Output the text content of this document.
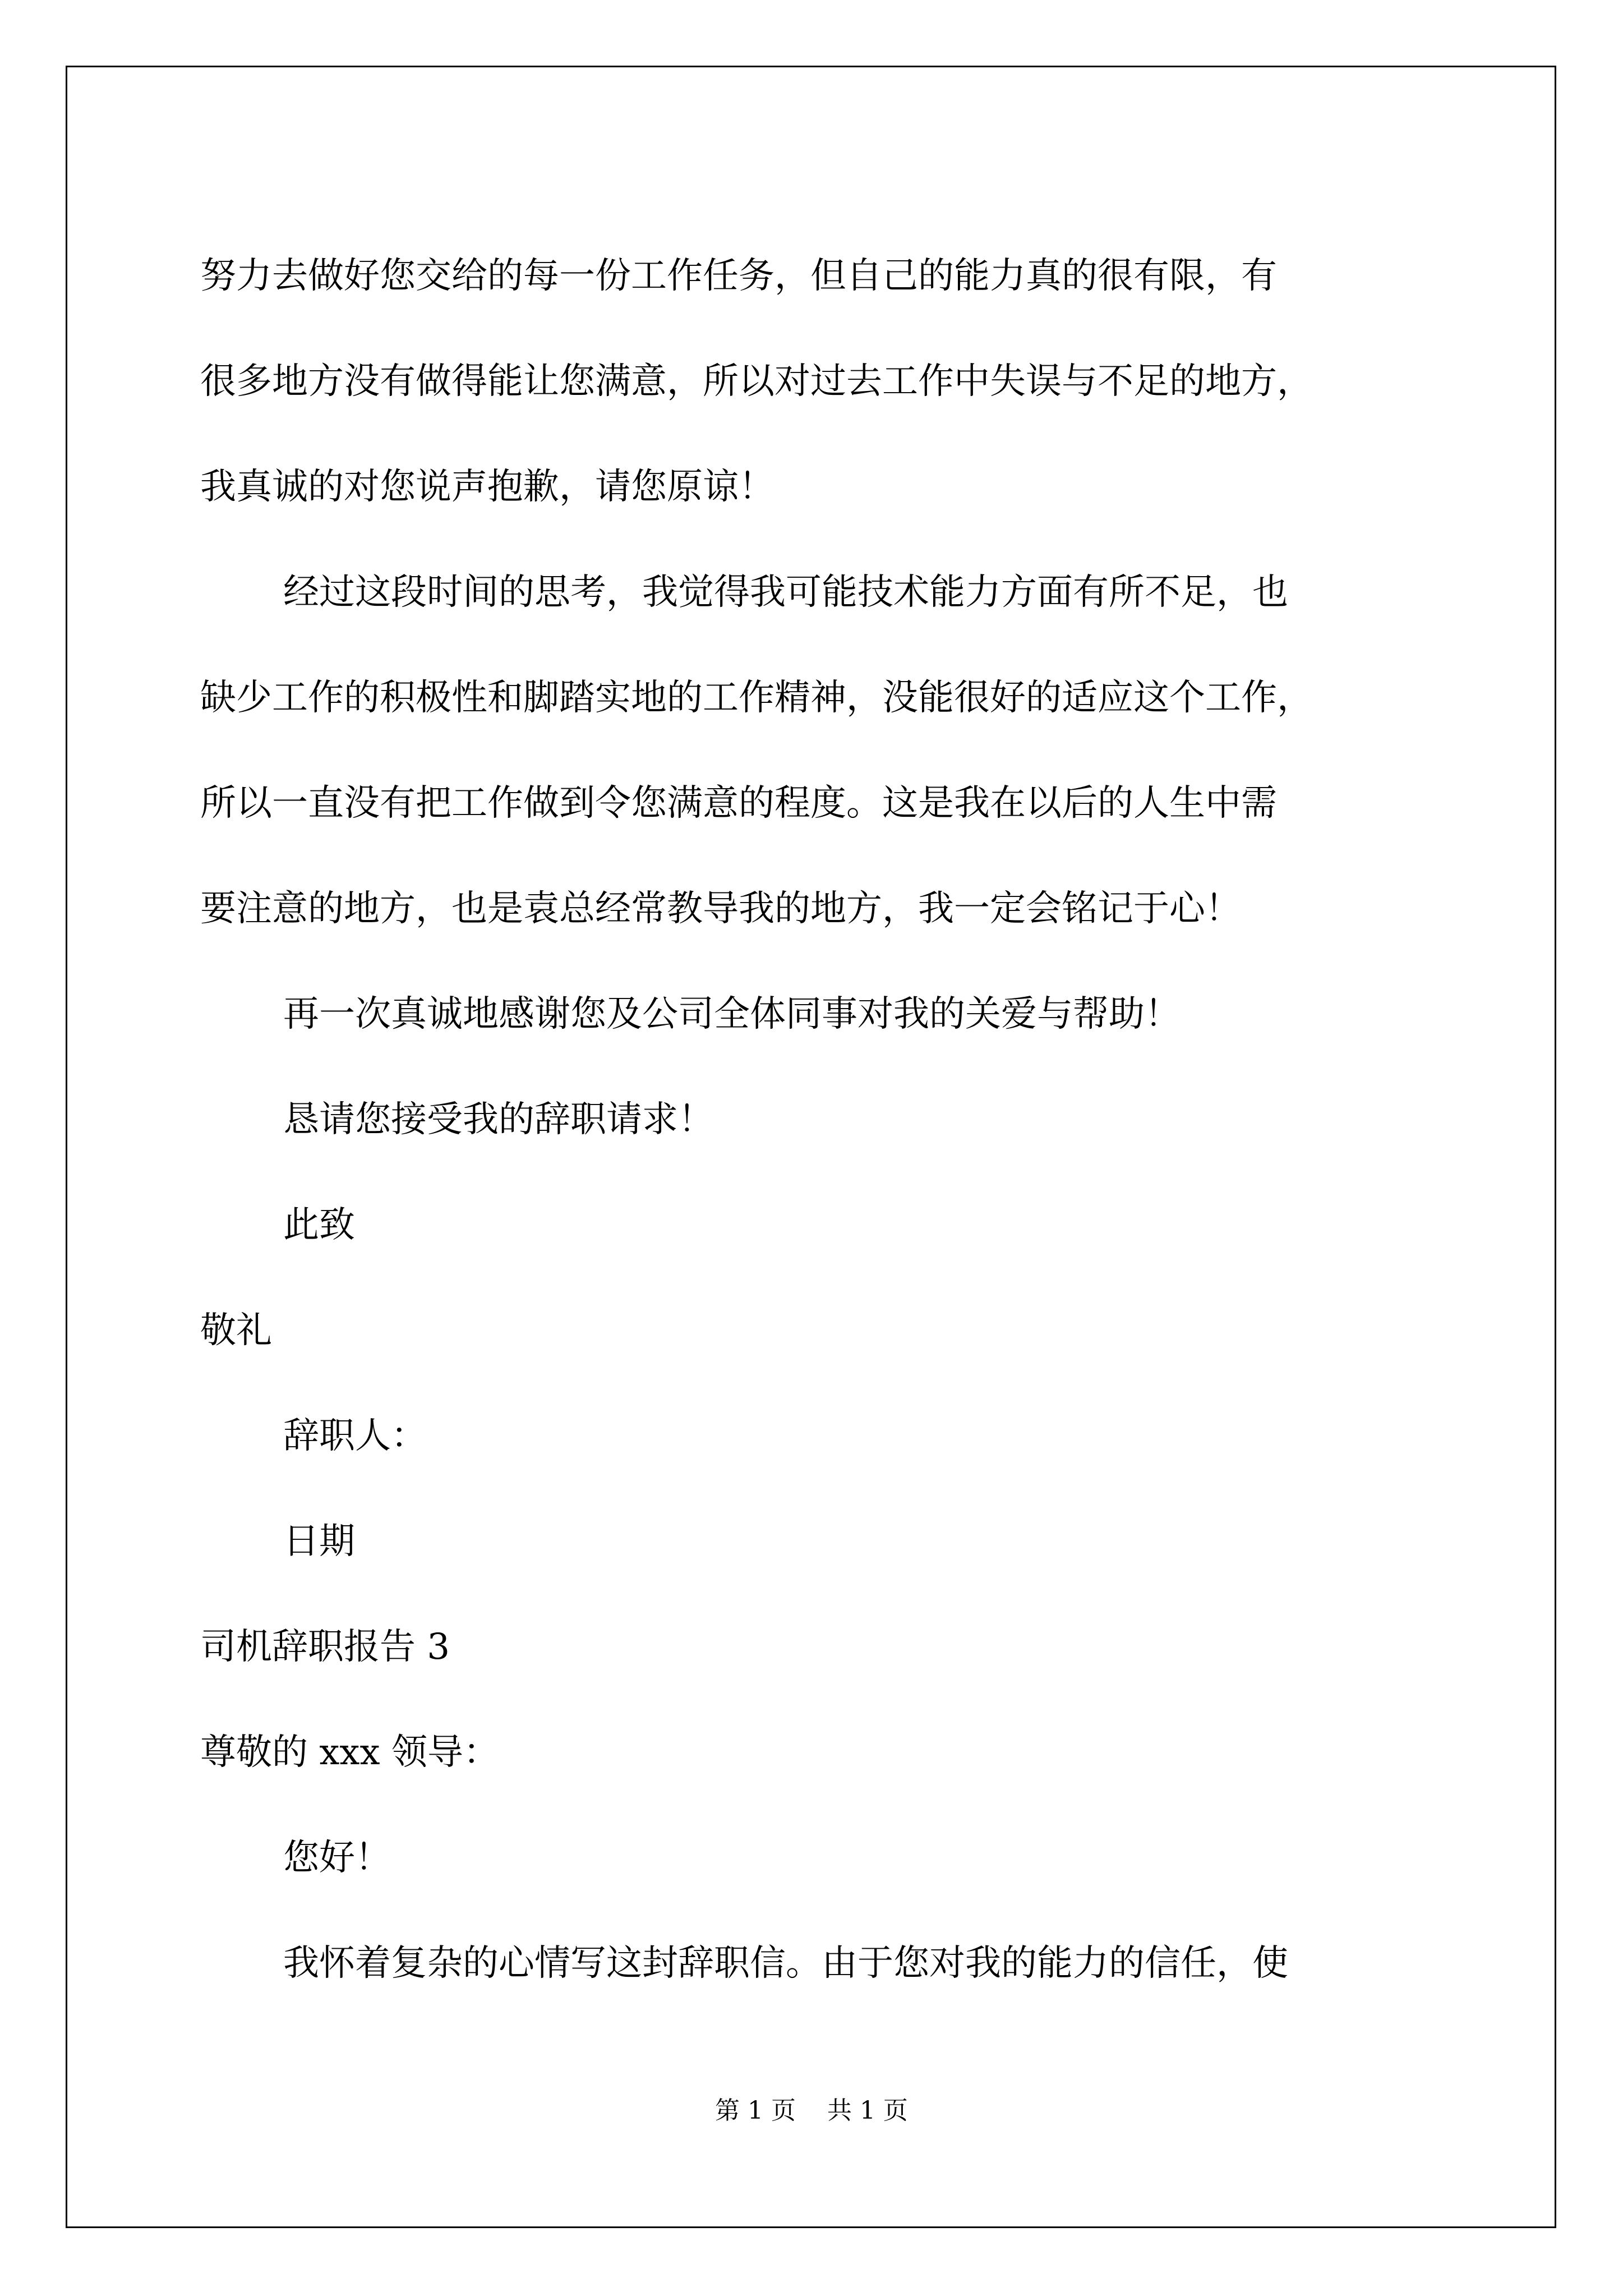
努力去做好您交给的每一份工作任务，但自己的能力真的很有限，有
很多地方没有做得能让您满意，所以对过去工作中失误与不足的地方，
我真诚的对您说声抱歉，请您原谅！
经过这段时间的思考，我觉得我可能技术能力方面有所不足，也
缺少工作的积极性和脚踏实地的工作精神，没能很好的适应这个工作，
所以一直没有把工作做到令您满意的程度。这是我在以后的人生中需
要注意的地方，也是袁总经常教导我的地方，我一定会铭记于心！
再一次真诚地感谢您及公司全体同事对我的关爱与帮助！
恳请您接受我的辞职请求！
此致
敬礼
辞职人：
日期
司机辞职报告 3
尊敬的 xxx 领导：
您好！
我怀着复杂的心情写这封辞职信。由于您对我的能力的信任，使
第 1 页    共 1 页
